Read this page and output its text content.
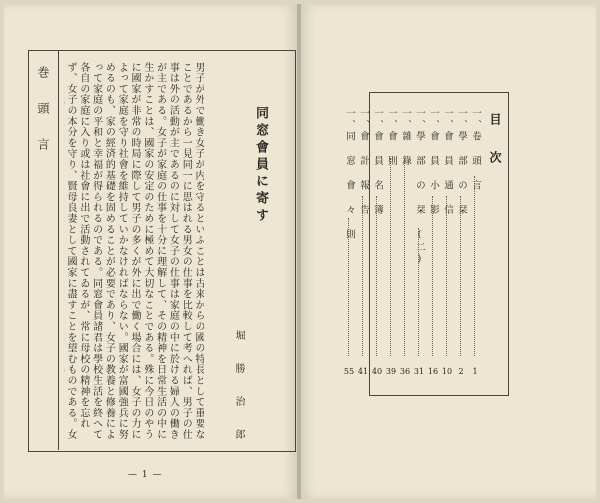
巻 頭 言	男子が外で働き女子が内を守るといふことは古来からの國の特長として重要なことであるから一見同一に思はれる男女の仕事を比較して考へれば、男子の仕事は外の活動が主であるのに対して女子の仕事は家庭の中に於ける婦人の働きが主である。女子が家庭の仕事を十分に理解して、その精神を日常生活の中に生かすことは、國家の安定のために極めて大切なことである。殊に今日のやうに國家が非常の時局に際して男子の多くが外に出で働く場合には、女子の力によって家庭を守り社會を維持していかなければならない。國家が富國強兵に努めるのも、家の經済的基礎を固めることが必要であり、女子の教養と修養によって家庭の平和と幸福が得られるのである。同窓會員諸君は學校生活を終へて各自の家庭に入り或は社會に出で活動されてゐるが、常に母校の精神を忘れず、女子の本分を守り、賢母良妻として國家に盡すことを望むものである。女
同窓會員に寄す
堀 勝 治 郎
— 1 —
目 次
一、卷 頭 言
1
一、學 部 の 栞
2
一、會 員 通 信
10
一、會 員 小 影
16
一、學 部 の 栞 (二)
31
一、雜 錄
36
一、會 則
39
一、會 員 名 簿
40
一、會 計 報 告
41
一、同 窓 會 々 則
55
